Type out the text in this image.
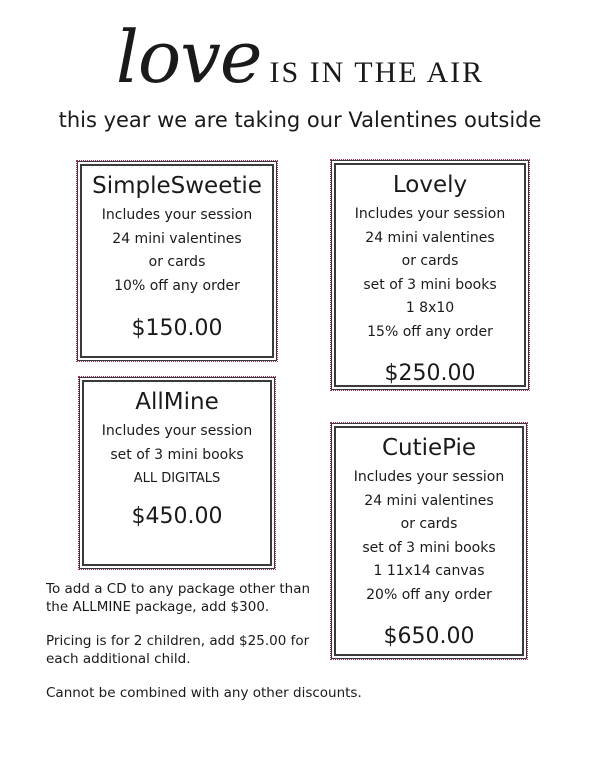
love IS IN THE AIR
this year we are taking our Valentines outside
SimpleSweetie
Includes your session
24 mini valentines
or cards
10% off any order
$150.00
Lovely
Includes your session
24 mini valentines
or cards
set of 3 mini books
1 8x10
15% off any order
$250.00
AllMine
Includes your session
set of 3 mini books
ALL DIGITALS
$450.00
CutiePie
Includes your session
24 mini valentines
or cards
set of 3 mini books
1 11x14 canvas
20% off any order
$650.00

To add a CD to any package other than the ALLMINE package, add $300.

Pricing is for 2 children, add $25.00 for each additional child.

Cannot be combined with any other discounts.
